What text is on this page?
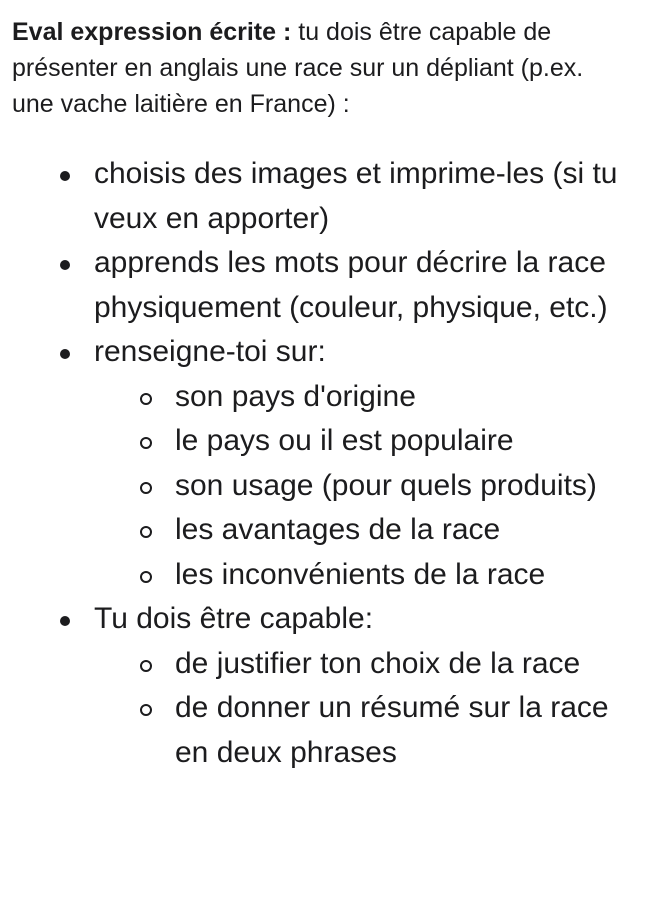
Eval expression écrite : tu dois être capable de présenter en anglais une race sur un dépliant (p.ex. une vache laitière en France) :

choisis des images et imprime-les (si tu veux en apporter)
apprends les mots pour décrire la race physiquement (couleur, physique, etc.)
renseigne-toi sur:
son pays d'origine
le pays ou il est populaire
son usage (pour quels produits)
les avantages de la race
les inconvénients de la race
Tu dois être capable:
de justifier ton choix de la race
de donner un résumé sur la race en deux phrases
